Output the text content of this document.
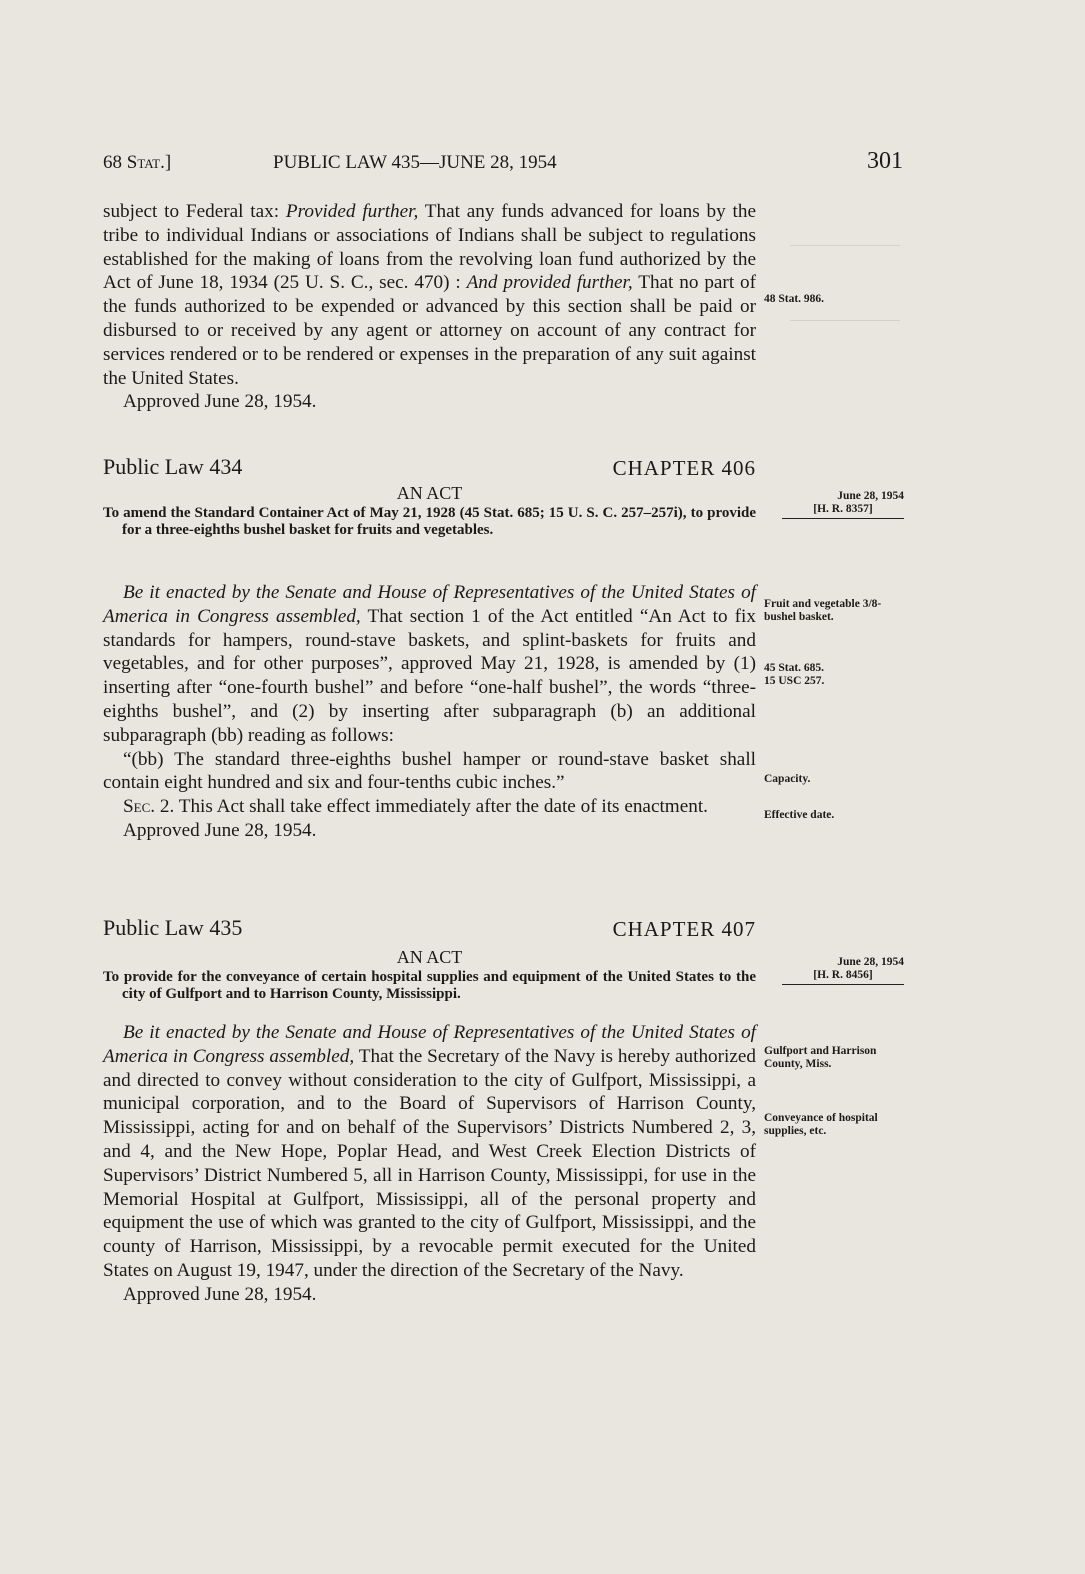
68 Stat.]	PUBLIC LAW 435—JUNE 28, 1954	301

subject to Federal tax: Provided further, That any funds advanced for loans by the tribe to individual Indians or associations of Indians shall be subject to regulations established for the making of loans from the revolving loan fund authorized by the Act of June 18, 1934 (25 U. S. C., sec. 470) : And provided further, That no part of the funds authorized to be expended or advanced by this section shall be paid or disbursed to or received by any agent or attorney on account of any contract for services rendered or to be rendered or expenses in the preparation of any suit against the United States.

Approved June 28, 1954.

48 Stat. 986.
Public Law 434	CHAPTER 406
AN ACT

To amend the Standard Container Act of May 21, 1928 (45 Stat. 685; 15 U. S. C. 257–257i), to provide for a three-eighths bushel basket for fruits and vegetables.

June 28, 1954
[H. R. 8357]

Be it enacted by the Senate and House of Representatives of the United States of America in Congress assembled, That section 1 of the Act entitled “An Act to fix standards for hampers, round-stave baskets, and splint-baskets for fruits and vegetables, and for other purposes”, approved May 21, 1928, is amended by (1) inserting after “one-fourth bushel” and before “one-half bushel”, the words “three-eighths bushel”, and (2) by inserting after subparagraph (b) an additional subparagraph (bb) reading as follows:

“(bb) The standard three-eighths bushel hamper or round-stave basket shall contain eight hundred and six and four-tenths cubic inches.”

Sec. 2. This Act shall take effect immediately after the date of its enactment.

Approved June 28, 1954.

Fruit and vegetable 3/8-bushel basket.
45 Stat. 685.
15 USC 257.
Capacity.
Effective date.
Public Law 435	CHAPTER 407
AN ACT

To provide for the conveyance of certain hospital supplies and equipment of the United States to the city of Gulfport and to Harrison County, Mississippi.

June 28, 1954
[H. R. 8456]

Be it enacted by the Senate and House of Representatives of the United States of America in Congress assembled, That the Secretary of the Navy is hereby authorized and directed to convey without consideration to the city of Gulfport, Mississippi, a municipal corporation, and to the Board of Supervisors of Harrison County, Mississippi, acting for and on behalf of the Supervisors’ Districts Numbered 2, 3, and 4, and the New Hope, Poplar Head, and West Creek Election Districts of Supervisors’ District Numbered 5, all in Harrison County, Mississippi, for use in the Memorial Hospital at Gulfport, Mississippi, all of the personal property and equipment the use of which was granted to the city of Gulfport, Mississippi, and the county of Harrison, Mississippi, by a revocable permit executed for the United States on August 19, 1947, under the direction of the Secretary of the Navy.

Approved June 28, 1954.

Gulfport and Harrison County, Miss.
Conveyance of hospital supplies, etc.
